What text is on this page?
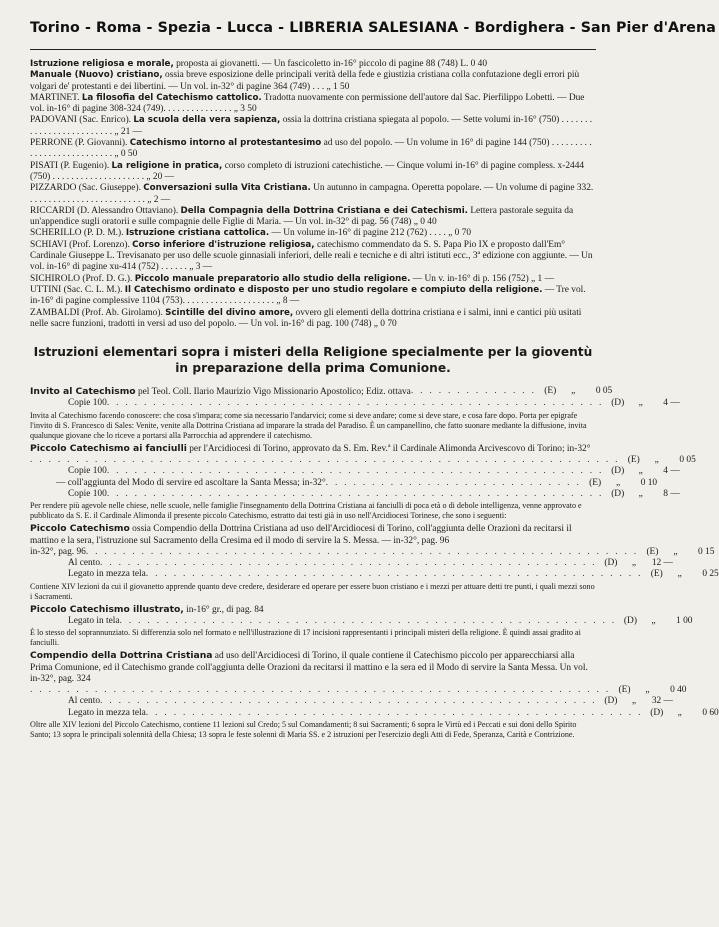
Torino - Roma - Spezia - Lucca - LIBRERIA SALESIANA - Bordighera - San Pier d'Arena

Istruzione religiosa e morale, proposta ai giovanetti. — Un fascicoletto in-16° piccolo di pagine 88 (748) L. 0 40

Manuale (Nuovo) cristiano, ossia breve esposizione delle principali verità della fede e giustizia cristiana colla confutazione degli errori più volgari de' protestanti e dei libertini. — Un vol. in-32° di pagine 364 (749) . . . „ 1 50

MARTINET. La filosofia del Catechismo cattolico. Tradotta nuovamente con permissione dell'autore dal Sac. Pierfilippo Lobetti. — Due vol. in-16° di pagine 308-324 (749). . . . . . . . . . . . . . . „ 3 50

PADOVANI (Sac. Enrico). La scuola della vera sapienza, ossia la dottrina cristiana spiegata al popolo. — Sette volumi in-16° (750) . . . . . . . . . . . . . . . . . . . . . . . . . „ 21 —

PERRONE (P. Giovanni). Catechismo intorno al protestantesimo ad uso del popolo. — Un volume in 16° di pagine 144 (750) . . . . . . . . . . . . . . . . . . . . . . . . . . . „ 0 50

PISATI (P. Eugenio). La religione in pratica, corso completo di istruzioni catechistiche. — Cinque volumi in-16° di pagine compless. x-2444 (750) . . . . . . . . . . . . . . . . . . . . „ 20 —

PIZZARDO (Sac. Giuseppe). Conversazioni sulla Vita Cristiana. Un autunno in campagna. Operetta popolare. — Un volume di pagine 332. . . . . . . . . . . . . . . . . . . . . . . . . . „ 2 —

RICCARDI (D. Alessandro Ottaviano). Della Compagnia della Dottrina Cristiana e dei Catechismi. Lettera pastorale seguita da un'appendice sugli oratorii e sulle compagnie delle Figlie di Maria. — Un vol. in-32° di pag. 56 (748) „ 0 40

SCHERILLO (P. D. M.). Istruzione cristiana cattolica. — Un volume in-16° di pagine 212 (762) . . . . „ 0 70

SCHIAVI (Prof. Lorenzo). Corso inferiore d'istruzione religiosa, catechismo commendato da S. S. Papa Pio IX e proposto dall'Em° Cardinale Giuseppe L. Trevisanato per uso delle scuole ginnasiali inferiori, delle reali e tecniche e di altri istituti ecc., 3ª edizione con aggiunte. — Un vol. in-16° di pagine xu-414 (752) . . . . . . „ 3 —

SICHIROLO (Prof. D. G.). Piccolo manuale preparatorio allo studio della religione. — Un v. in-16° di p. 156 (752) „ 1 —

UTTINI (Sac. C. L. M.). Il Catechismo ordinato e disposto per uno studio regolare e compiuto della religione. — Tre vol. in-16° di pagine complessive 1104 (753). . . . . . . . . . . . . . . . . . . . „ 8 —

ZAMBALDI (Prof. Ab. Girolamo). Scintille del divino amore, ovvero gli elementi della dottrina cristiana e i salmi, inni e cantici più usitati nelle sacre funzioni, tradotti in versi ad uso del popolo. — Un vol. in-16° di pag. 100 (748) „ 0 70

Istruzioni elementari sopra i misteri della Religione specialmente per la gioventù
in preparazione della prima Comunione.
Invito al Catechismo pel Teol. Coll. Ilario Maurizio Vigo Missionario Apostolico; Ediz. ottava . . . . . . . . . . . . . . (E)	„	0 05
Copie 100 . . . . . . . . . . . . . . . . . . . . . . . . . . . . . . . . . . . . . . . . . . . . . . . . . . . . . . (D)	„	4 —
Invita al Catechismo facendo conoscere: che cosa s'impara; come sia necessario l'andarvici; come si deve andare; come si deve stare, e cosa fare dopo. Porta per epigrafe l'invito di S. Francesco di Sales: Venite, venite alla Dottrina Cristiana ad imparare la strada del Paradiso. È un campanellino, che fatto suonare mediante la diffusione, invita qualunque giovane che lo riceve a portarsi alla Parrocchia ad apprendere il catechismo.
Piccolo Catechismo ai fanciulli per l'Arcidiocesi di Torino, approvato da S. Em. Rev.ª il Cardinale Alimonda Arcivescovo di Torino; in-32°
. . . . . . . . . . . . . . . . . . . . . . . . . . . . . . . . . . . . . . . . . . . . . . . . . . . . . . . . . . . . . . . . (E)	„	0 05
Copie 100 . . . . . . . . . . . . . . . . . . . . . . . . . . . . . . . . . . . . . . . . . . . . . . . . . . . . . . (D)	„	4 —
— coll'aggiunta del Modo di servire ed ascoltare la Santa Messa; in-32° . . . . . . . . . . . . . . . . . . . . . . . . . . . . (E)	„	0 10
Copie 100 . . . . . . . . . . . . . . . . . . . . . . . . . . . . . . . . . . . . . . . . . . . . . . . . . . . . . . (D)	„	8 —
Per rendere più agevole nelle chiese, nelle scuole, nelle famiglie l'insegnamento della Dottrina Cristiana ai fanciulli di poca età o di debole intelligenza, venne approvato e pubblicato da S. E. il Cardinale Alimonda il presente piccolo Catechismo, estratto dai testi già in uso nell'Arcidiocesi Torinese, che sono i seguenti:
Piccolo Catechismo ossia Compendio della Dottrina Cristiana ad uso dell'Arcidiocesi di Torino, coll'aggiunta delle Orazioni da recitarsi il mattino e la sera, l'istruzione sul Sacramento della Cresima ed il modo di servire la S. Messa. — in-32°, pag. 96
in-32°, pag. 96 . . . . . . . . . . . . . . . . . . . . . . . . . . . . . . . . . . . . . . . . . . . . . . . . . . . . . . . . . . . . (E)	„	0 15
Al cento . . . . . . . . . . . . . . . . . . . . . . . . . . . . . . . . . . . . . . . . . . . . . . . . . . . . . . (D)	„	12 —
Legato in mezza tela . . . . . . . . . . . . . . . . . . . . . . . . . . . . . . . . . . . . . . . . . . . . . . . . . . . . . . (E)	„	0 25
Contiene XIV lezioni da cui il giovanetto apprende quanto deve credere, desiderare ed operare per essere buon cristiano e i mezzi per attuare detti tre punti, i quali mezzi sono i Sacramenti.
Piccolo Catechismo illustrato, in-16° gr., di pag. 84
Legato in tela . . . . . . . . . . . . . . . . . . . . . . . . . . . . . . . . . . . . . . . . . . . . . . . . . . . . . . (D)	„	1 00
È lo stesso del soprannunziato. Si differenzia solo nel formato e nell'illustrazione di 17 incisioni rappresentanti i principali misteri della religione. È quindi assai gradito ai fanciulli.
Compendio della Dottrina Cristiana ad uso dell'Arcidiocesi di Torino, il quale contiene il Catechismo piccolo per apparecchiarsi alla Prima Comunione, ed il Catechismo grande coll'aggiunta delle Orazioni da recitarsi il mattino e la sera ed il Modo di servire la Santa Messa. Un vol. in-32°, pag. 324
. . . . . . . . . . . . . . . . . . . . . . . . . . . . . . . . . . . . . . . . . . . . . . . . . . . . . . . . . . . . . . . (E)	„	0 40
Al cento . . . . . . . . . . . . . . . . . . . . . . . . . . . . . . . . . . . . . . . . . . . . . . . . . . . . . . (D)	„	32 —
Legato in mezza tela . . . . . . . . . . . . . . . . . . . . . . . . . . . . . . . . . . . . . . . . . . . . . . . . . . . . . . (D)	„	0 60
Oltre alle XIV lezioni del Piccolo Catechismo, contiene 11 lezioni sul Credo; 5 sul Comandamenti; 8 sui Sacramenti; 6 sopra le Virtù ed i Peccati e sui doni dello Spirito Santo; 13 sopra le principali solennità della Chiesa; 13 sopra le feste solenni di Maria SS. e 2 istruzioni per l'esercizio degli Atti di Fede, Speranza, Carità e Contrizione.
